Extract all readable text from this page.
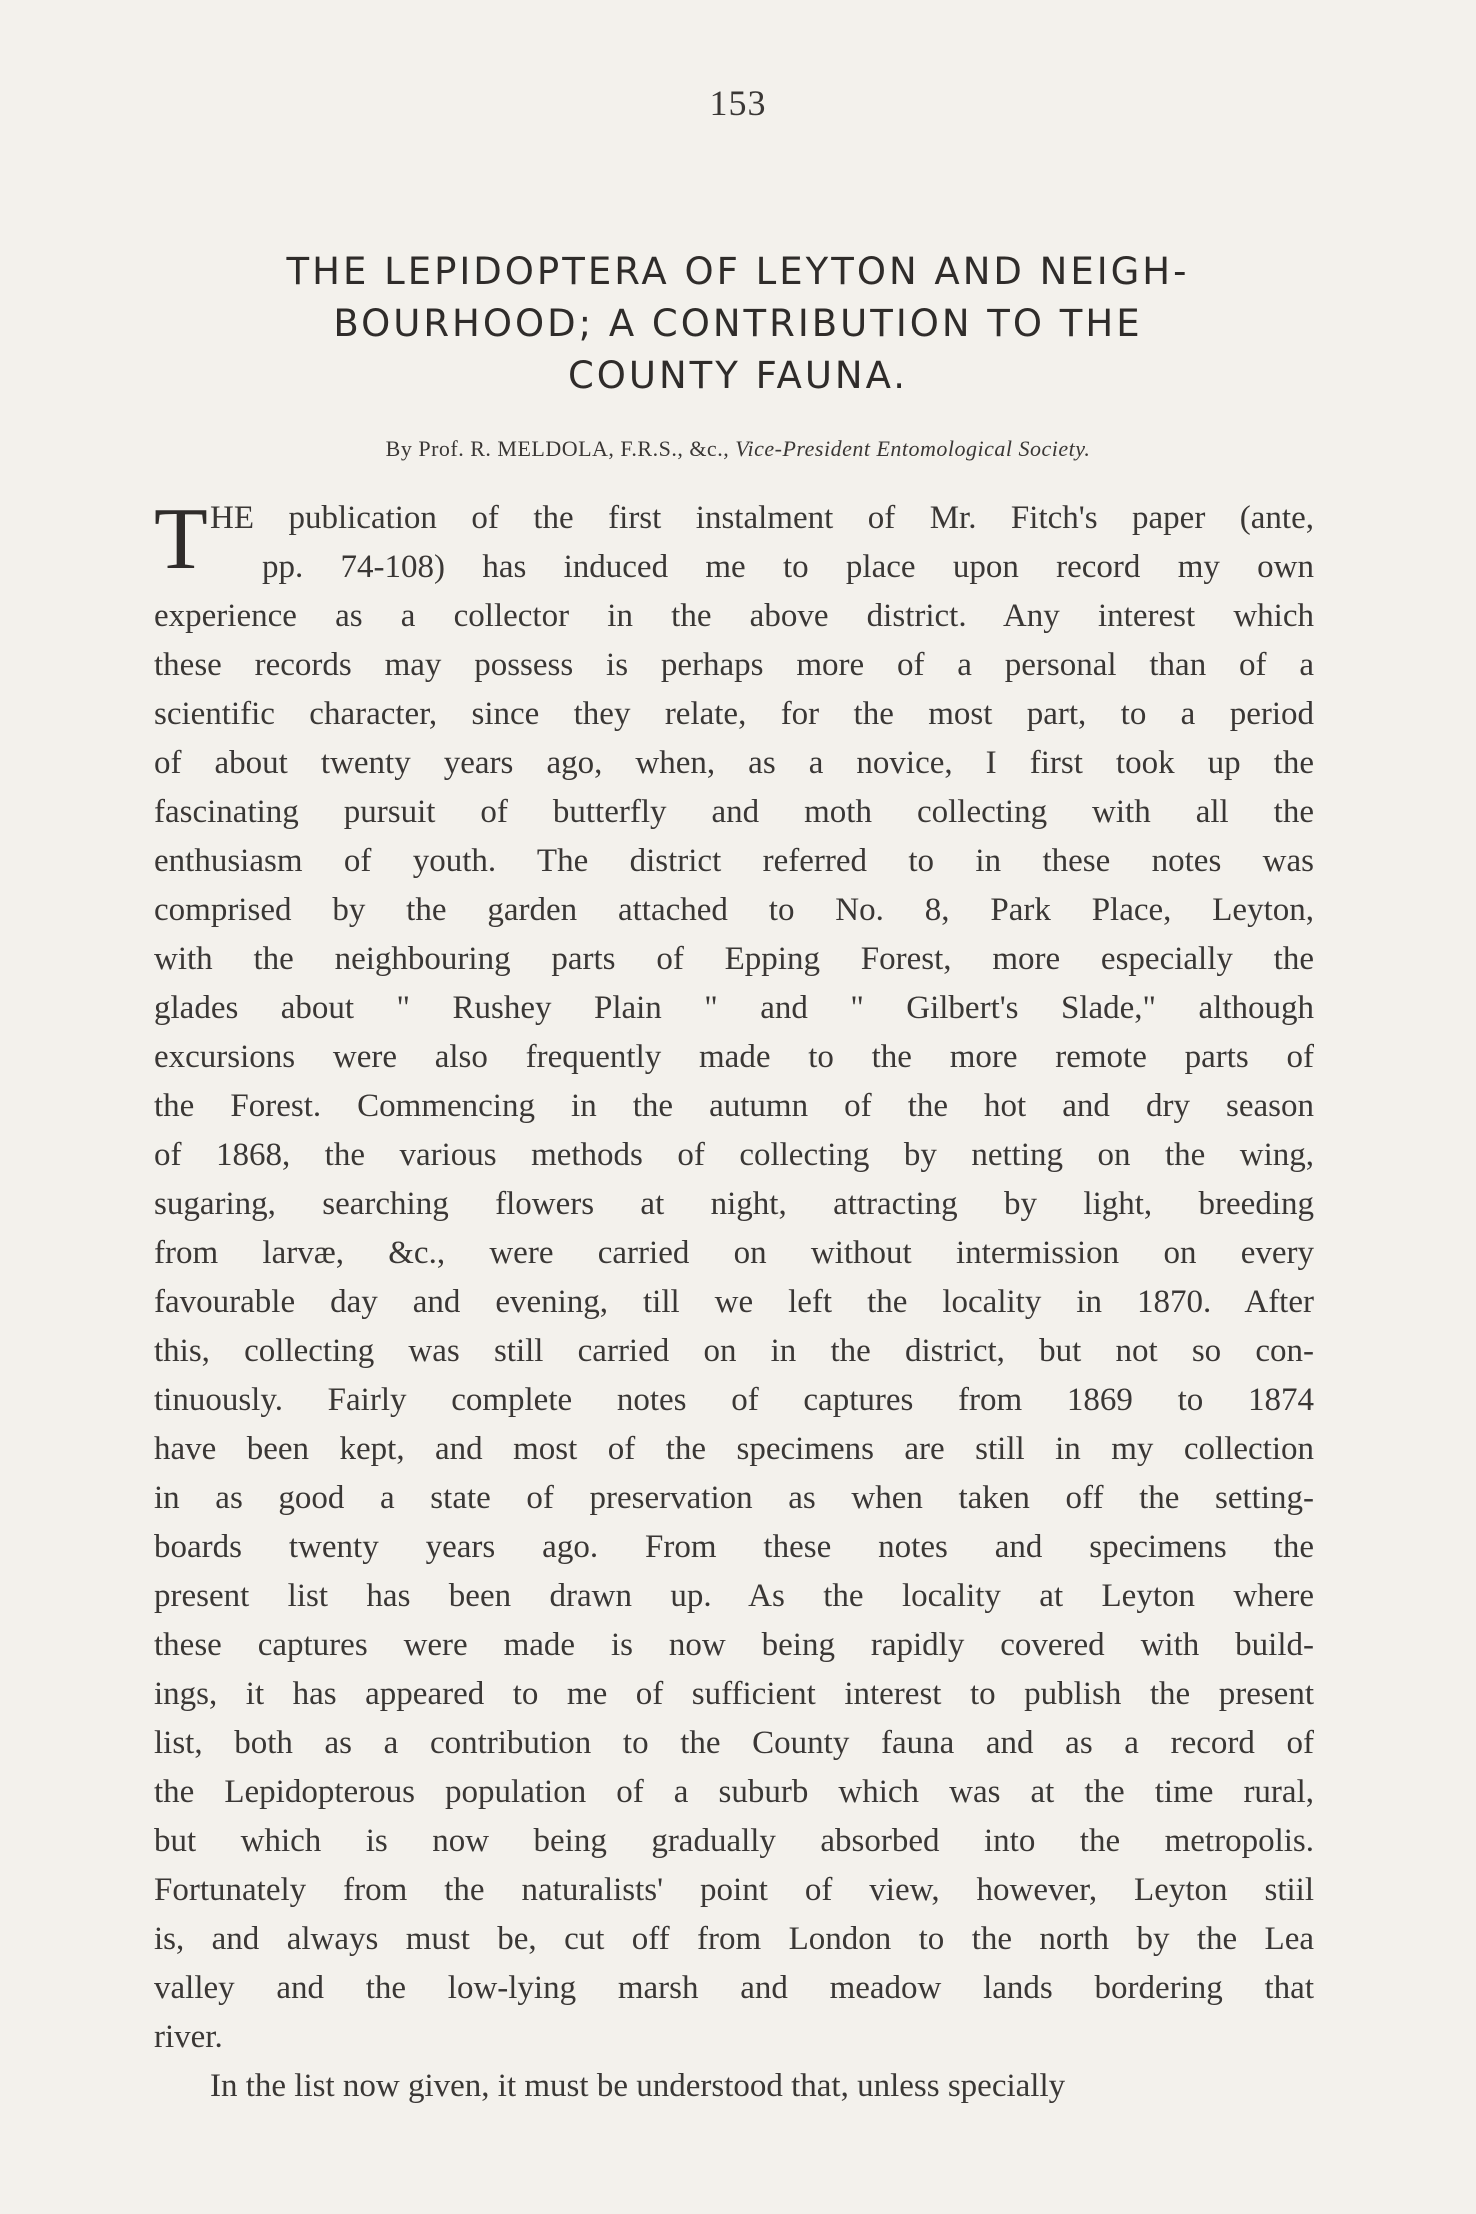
153
THE LEPIDOPTERA OF LEYTON AND NEIGH-
BOURHOOD; A CONTRIBUTION TO THE
COUNTY FAUNA.
By Prof. R. MELDOLA, F.R.S., &c., Vice-President Entomological Society.
T HE publication of the first instalment of Mr. Fitch's paper (ante,
pp. 74-108) has induced me to place upon record my own
experience as a collector in the above district. Any interest which
these records may possess is perhaps more of a personal than of a
scientific character, since they relate, for the most part, to a period
of about twenty years ago, when, as a novice, I first took up the
fascinating pursuit of butterfly and moth collecting with all the
enthusiasm of youth. The district referred to in these notes was
comprised by the garden attached to No. 8, Park Place, Leyton,
with the neighbouring parts of Epping Forest, more especially the
glades about " Rushey Plain " and " Gilbert's Slade," although
excursions were also frequently made to the more remote parts of
the Forest. Commencing in the autumn of the hot and dry season
of 1868, the various methods of collecting by netting on the wing,
sugaring, searching flowers at night, attracting by light, breeding
from larvæ, &c., were carried on without intermission on every
favourable day and evening, till we left the locality in 1870. After
this, collecting was still carried on in the district, but not so con-
tinuously. Fairly complete notes of captures from 1869 to 1874
have been kept, and most of the specimens are still in my collection
in as good a state of preservation as when taken off the setting-
boards twenty years ago. From these notes and specimens the
present list has been drawn up. As the locality at Leyton where
these captures were made is now being rapidly covered with build-
ings, it has appeared to me of sufficient interest to publish the present
list, both as a contribution to the County fauna and as a record of
the Lepidopterous population of a suburb which was at the time rural,
but which is now being gradually absorbed into the metropolis.
Fortunately from the naturalists' point of view, however, Leyton stiil
is, and always must be, cut off from London to the north by the Lea
valley and the low-lying marsh and meadow lands bordering that
river.
In the list now given, it must be understood that, unless specially
